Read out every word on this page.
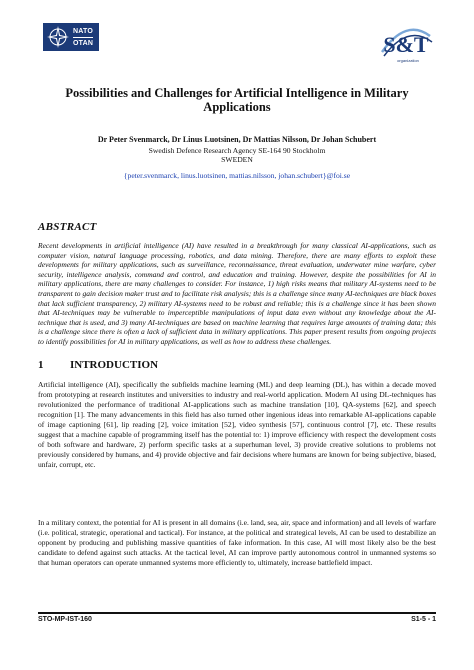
NATO
OTAN	S&T
organization
Possibilities and Challenges for Artificial Intelligence in Military Applications
Dr Peter Svenmarck, Dr Linus Luotsinen, Dr Mattias Nilsson, Dr Johan Schubert
Swedish Defence Research Agency SE-164 90 Stockholm
SWEDEN
{peter.svenmarck, linus.luotsinen, mattias.nilsson, johan.schubert}@foi.se
ABSTRACT
Recent developments in artificial intelligence (AI) have resulted in a breakthrough for many classical AI-applications, such as computer vision, natural language processing, robotics, and data mining. Therefore, there are many efforts to exploit these developments for military applications, such as surveillance, reconnaissance, threat evaluation, underwater mine warfare, cyber security, intelligence analysis, command and control, and education and training. However, despite the possibilities for AI in military applications, there are many challenges to consider. For instance, 1) high risks means that military AI-systems need to be transparent to gain decision maker trust and to facilitate risk analysis; this is a challenge since many AI-techniques are black boxes that lack sufficient transparency, 2) military AI-systems need to be robust and reliable; this is a challenge since it has been shown that AI-techniques may be vulnerable to imperceptible manipulations of input data even without any knowledge about the AI-technique that is used, and 3) many AI-techniques are based on machine learning that requires large amounts of training data; this is a challenge since there is often a lack of sufficient data in military applications. This paper present results from ongoing projects to identify possibilities for AI in military applications, as well as how to address these challenges.
1 INTRODUCTION
Artificial intelligence (AI), specifically the subfields machine learning (ML) and deep learning (DL), has within a decade moved from prototyping at research institutes and universities to industry and real-world application. Modern AI using DL-techniques has revolutionized the performance of traditional AI-applications such as machine translation [10], QA-systems [62], and speech recognition [1]. The many advancements in this field has also turned other ingenious ideas into remarkable AI-applications capable of image captioning [61], lip reading [2], voice imitation [52], video synthesis [57], continuous control [7], etc. These results suggest that a machine capable of programming itself has the potential to: 1) improve efficiency with respect the development costs of both software and hardware, 2) perform specific tasks at a superhuman level, 3) provide creative solutions to problems not previously considered by humans, and 4) provide objective and fair decisions where humans are known for being subjective, biased, unfair, corrupt, etc.
In a military context, the potential for AI is present in all domains (i.e. land, sea, air, space and information) and all levels of warfare (i.e. political, strategic, operational and tactical). For instance, at the political and strategical levels, AI can be used to destabilize an opponent by producing and publishing massive quantities of fake information. In this case, AI will most likely also be the best candidate to defend against such attacks. At the tactical level, AI can improve partly autonomous control in unmanned systems so that human operators can operate unmanned systems more efficiently to, ultimately, increase battlefield impact.
STO-MP-IST-160	S1-5 - 1
